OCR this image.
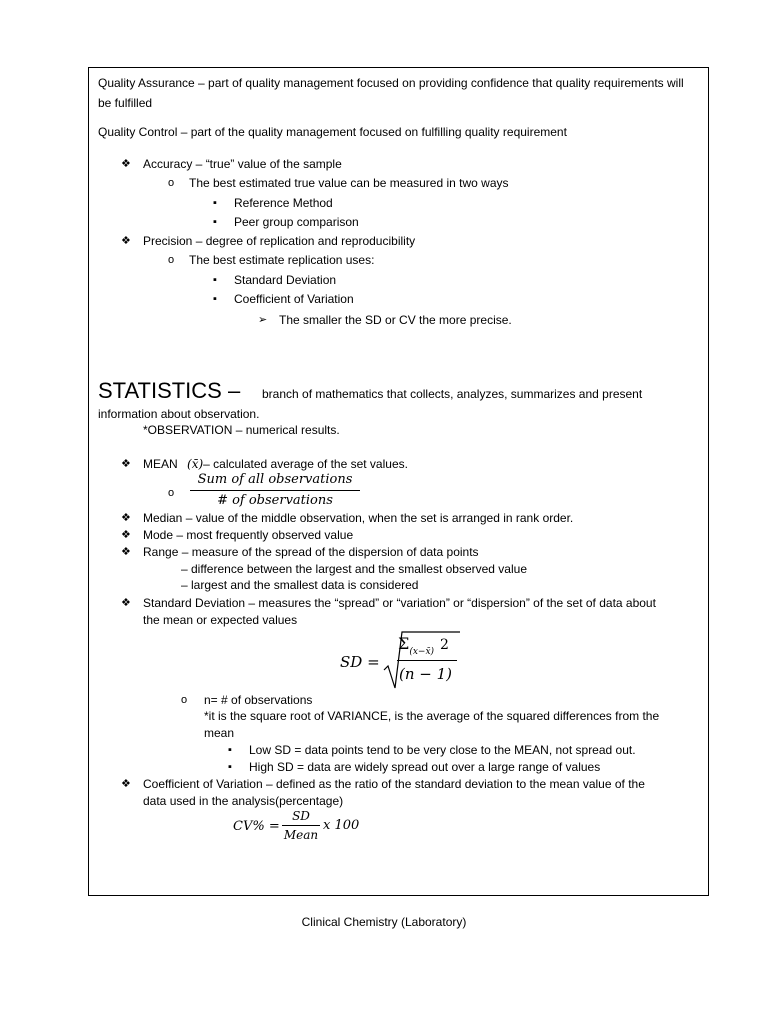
Quality Assurance – part of quality management focused on providing confidence that quality requirements will be fulfilled
Quality Control – part of the quality management focused on fulfilling quality requirement
❖ Accuracy – “true” value of the sample
o The best estimated true value can be measured in two ways
▪ Reference Method
▪ Peer group comparison
❖ Precision – degree of replication and reproducibility
o The best estimate replication uses:
▪ Standard Deviation
▪ Coefficient of Variation
➢ The smaller the SD or CV the more precise.
STATISTICS – branch of mathematics that collects, analyzes, summarizes and present
information about observation.
*OBSERVATION – numerical results.
❖ MEAN (x̄)– calculated average of the set values.
o
Sum of all observations
# of observations
❖ Median – value of the middle observation, when the set is arranged in rank order.
❖ Mode – most frequently observed value
❖ Range – measure of the spread of the dispersion of data points
– difference between the largest and the smallest observed value
– largest and the smallest data is considered
❖ Standard Deviation – measures the “spread” or “variation” or “dispersion” of the set of data about
the mean or expected values
SD =
$\Sigma_{(x-x̄)}$ 2
(n − 1)
o n= # of observations
*it is the square root of VARIANCE, is the average of the squared differences from the
mean
▪ Low SD = data points tend to be very close to the MEAN, not spread out.
▪ High SD = data are widely spread out over a large range of values
❖ Coefficient of Variation – defined as the ratio of the standard deviation to the mean value of the
data used in the analysis(percentage)
CV% =
SD
Mean
x 100
Clinical Chemistry (Laboratory)
